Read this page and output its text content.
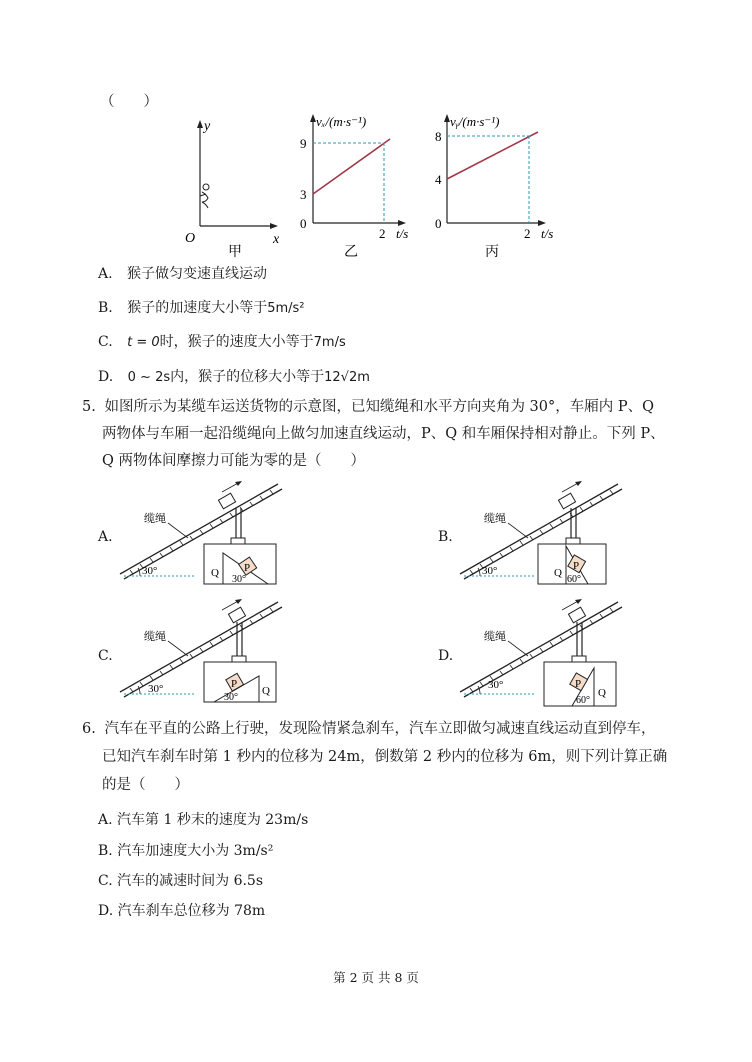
（　　）
y
x
O
甲
vₓ/(m·s⁻¹)
9
3
0
2 t/s
乙
vᵧ/(m·s⁻¹)
8
4
0
2 t/s
丙
A. 猴子做匀变速直线运动
B. 猴子的加速度大小等于5m/s²
C. t = 0时，猴子的速度大小等于7m/s
D. 0 ~ 2s内，猴子的位移大小等于12√2m
5. 如图所示为某缆车运送货物的示意图，已知缆绳和水平方向夹角为 30°，车厢内 P、Q
两物体与车厢一起沿缆绳向上做匀加速直线运动，P、Q 和车厢保持相对静止。下列 P、
Q 两物体间摩擦力可能为零的是（　　）
A.	B.
C.	D.
30°
缆绳
P
Q
30°
30°
缆绳
P
Q
60°
30°
缆绳
P
Q
30°
30°
缆绳
P
Q
60°
6. 汽车在平直的公路上行驶，发现险情紧急刹车，汽车立即做匀减速直线运动直到停车，
已知汽车刹车时第 1 秒内的位移为 24m，倒数第 2 秒内的位移为 6m，则下列计算正确
的是（　　）
A. 汽车第 1 秒末的速度为 23m/s
B. 汽车加速度大小为 3m/s²
C. 汽车的减速时间为 6.5s
D. 汽车刹车总位移为 78m
第 2 页 共 8 页
